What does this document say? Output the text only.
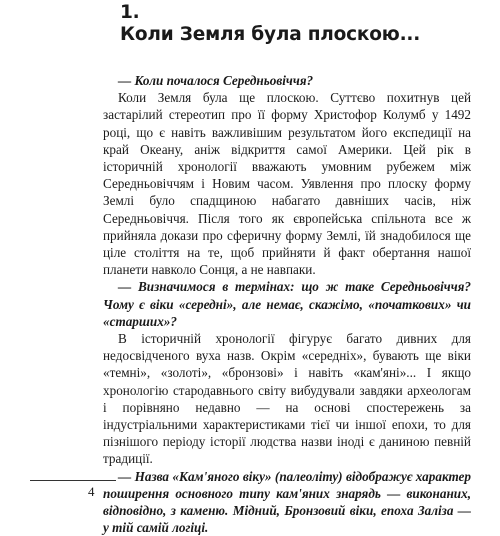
1.
Коли Земля була плоскою...

— Коли почалося Середньовіччя?

Коли Земля була ще плоскою. Суттєво похитнув цей застарілий стереотип про її форму Христофор Колумб у 1492 році, що є навіть важливішим результатом його експедиції на край Океану, аніж відкриття самої Америки. Цей рік в історичній хронології вважають умовним рубежем між Середньовіччям і Новим часом. Уявлення про плоску форму Землі було спадщиною набагато давніших часів, ніж Середньовіччя. Після того як європейська спільнота все ж прийняла докази про сферичну форму Землі, їй знадобилося ще ціле століття на те, щоб прийняти й факт обертання нашої планети навколо Сонця, а не навпаки.

— Визначимося в термінах: що ж таке Середньовіччя? Чому є віки «середні», але немає, скажімо, «початкових» чи «старших»?

В історичній хронології фігурує багато дивних для недосвідченого вуха назв. Окрім «середніх», бувають ще віки «темні», «золоті», «бронзові» і навіть «кам'яні»... І якщо хронологію стародавнього світу вибудували завдяки археологам і порівняно недавно — на основі спостережень за індустріальними характеристиками тієї чи іншої епохи, то для пізнішого періоду історії людства назви іноді є даниною певній традиції.

— Назва «Кам'яного віку» (палеоліту) відображує характер поширення основного типу кам'яних знарядь — виконаних, відповідно, з каменю. Мідний, Бронзовий віки, епоха Заліза — у тій самій логіці.

4
